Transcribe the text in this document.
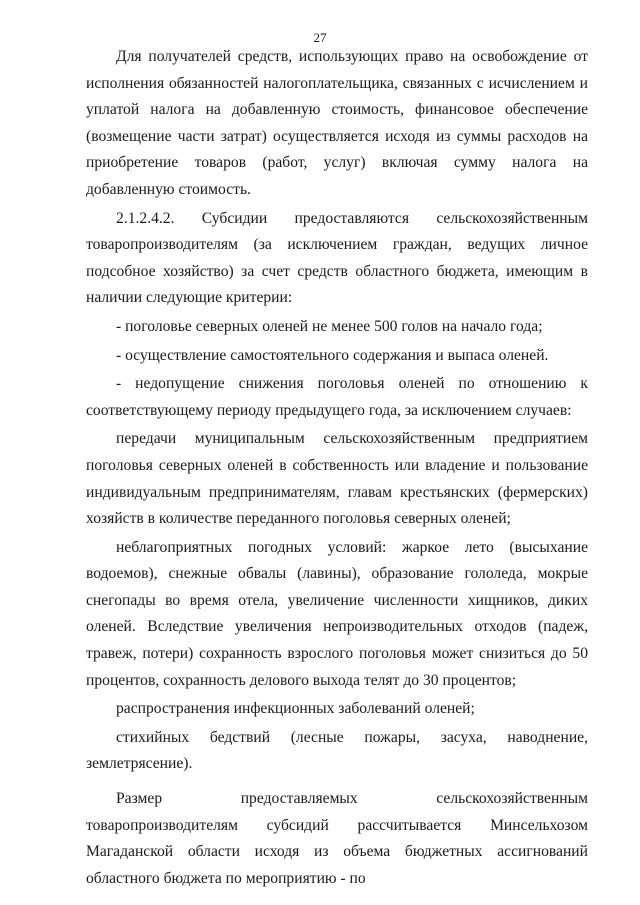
27

Для получателей средств, использующих право на освобождение от исполнения обязанностей налогоплательщика, связанных с исчислением и уплатой налога на добавленную стоимость, финансовое обеспечение (возмещение части затрат) осуществляется исходя из суммы расходов на приобретение товаров (работ, услуг) включая сумму налога на добавленную стоимость.

2.1.2.4.2. Субсидии предоставляются сельскохозяйственным товаропроизводителям (за исключением граждан, ведущих личное подсобное хозяйство) за счет средств областного бюджета, имеющим в наличии следующие критерии:

- поголовье северных оленей не менее 500 голов на начало года;

- осуществление самостоятельного содержания и выпаса оленей.

- недопущение снижения поголовья оленей по отношению к соответствующему периоду предыдущего года, за исключением случаев:

передачи муниципальным сельскохозяйственным предприятием поголовья северных оленей в собственность или владение и пользование индивидуальным предпринимателям, главам крестьянских (фермерских) хозяйств в количестве переданного поголовья северных оленей;

неблагоприятных погодных условий: жаркое лето (высыхание водоемов), снежные обвалы (лавины), образование гололеда, мокрые снегопады во время отела, увеличение численности хищников, диких оленей. Вследствие увеличения непроизводительных отходов (падеж, травеж, потери) сохранность взрослого поголовья может снизиться до 50 процентов, сохранность делового выхода телят до 30 процентов;

распространения инфекционных заболеваний оленей;

стихийных бедствий (лесные пожары, засуха, наводнение, землетрясение).

Размер предоставляемых сельскохозяйственным товаропроизводителям субсидий рассчитывается Минсельхозом Магаданской области исходя из объема бюджетных ассигнований областного бюджета по мероприятию - по
